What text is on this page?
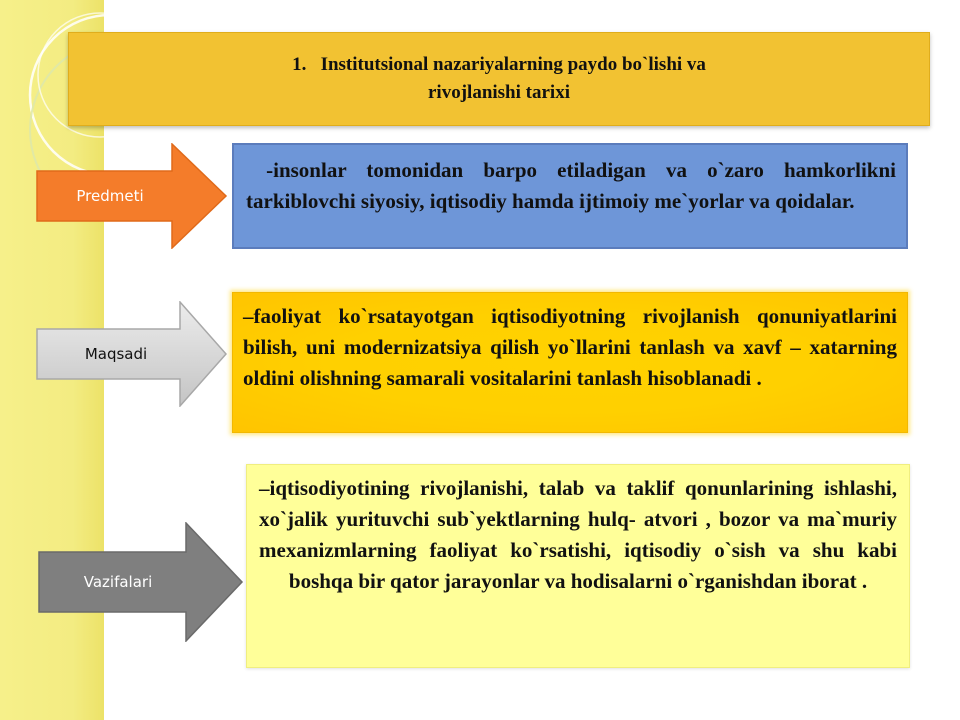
1. Institutsional nazariyalarning paydo bo`lishi va
rivojlanishi tarixi
Predmeti
Maqsadi
Vazifalari
-insonlar tomonidan barpo etiladigan va o`zaro hamkorlikni tarkiblovchi siyosiy, iqtisodiy hamda ijtimoiy me`yorlar va qoidalar.
–faoliyat ko`rsatayotgan iqtisodiyotning rivojlanish qonuniyatlarini bilish, uni modernizatsiya qilish yo`llarini tanlash va xavf – xatarning oldini olishning samarali vositalarini tanlash hisoblanadi .
–iqtisodiyotining rivojlanishi, talab va taklif qonunlarining ishlashi, xo`jalik yurituvchi sub`yektlarning hulq- atvori , bozor va ma`muriy mexanizmlarning faoliyat ko`rsatishi, iqtisodiy o`sish va shu kabi boshqa bir qator jarayonlar va hodisalarni o`rganishdan iborat .
